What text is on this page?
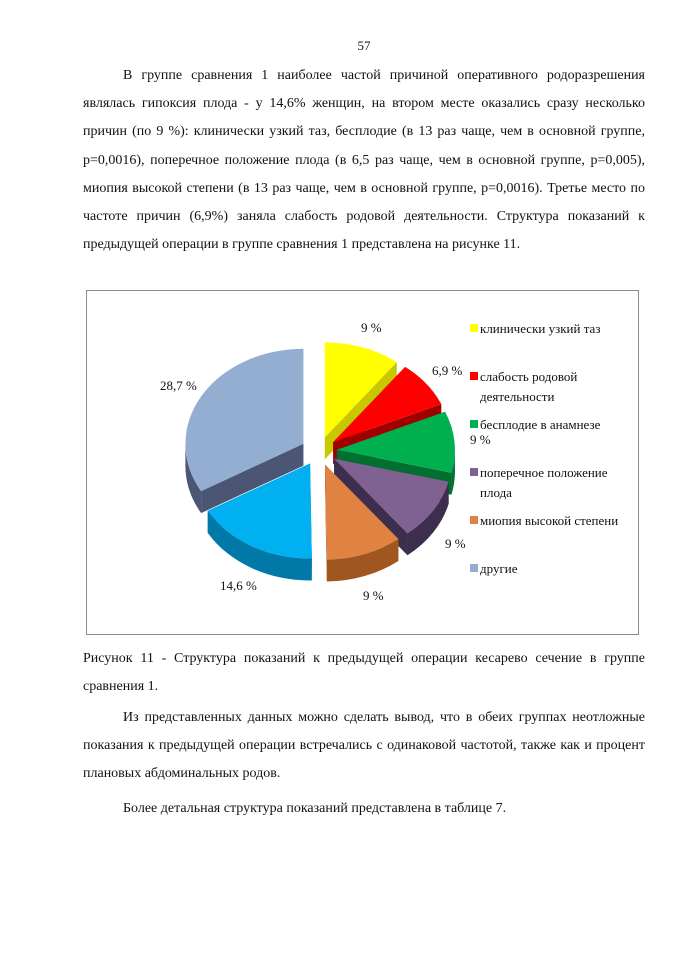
57

В группе сравнения 1 наиболее частой причиной оперативного родоразрешения являлась гипоксия плода - у 14,6% женщин, на втором месте оказались сразу несколько причин (по 9 %): клинически узкий таз, бесплодие (в 13 раз чаще, чем в основной группе, p=0,0016), поперечное положение плода (в 6,5 раз чаще, чем в основной группе, p=0,005), миопия высокой степени (в 13 раз чаще, чем в основной группе, p=0,0016). Третье место по частоте причин (6,9%) заняла слабость родовой деятельности. Структура показаний к предыдущей операции в группе сравнения 1 представлена на рисунке 11.

клинически узкий таз
слабость родовой деятельности
бесплодие в анамнезе
поперечное положение плода
миопия высокой степени
другие
9 %
6,9 %
9 %
9 %
9 %
14,6 %
28,7 %

Рисунок 11 - Структура показаний к предыдущей операции кесарево сечение в группе сравнения 1.

Из представленных данных можно сделать вывод, что в обеих группах неотложные показания к предыдущей операции встречались с одинаковой частотой, также как и процент плановых абдоминальных родов.

Более детальная структура показаний представлена в таблице 7.
